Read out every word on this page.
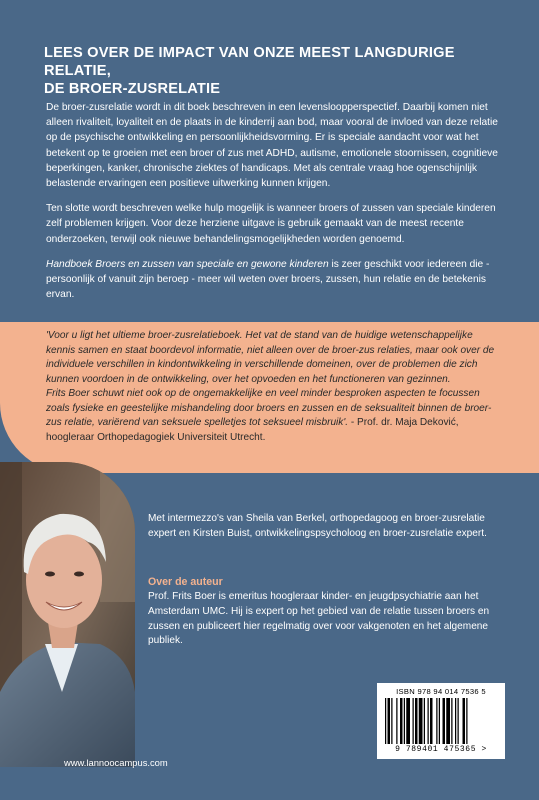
LEES OVER DE IMPACT VAN ONZE MEEST LANGDURIGE RELATIE,
DE BROER-ZUSRELATIE

De broer-zusrelatie wordt in dit boek beschreven in een levensloopperspectief. Daarbij komen niet alleen rivaliteit, loyaliteit en de plaats in de kinderrij aan bod, maar vooral de invloed van deze relatie op de psychische ontwikkeling en persoonlijkheidsvorming. Er is speciale aandacht voor wat het betekent op te groeien met een broer of zus met ADHD, autisme, emotionele stoornissen, cognitieve beperkingen, kanker, chronische ziektes of handicaps. Met als centrale vraag hoe ogenschijnlijk belastende ervaringen een positieve uitwerking kunnen krijgen.

Ten slotte wordt beschreven welke hulp mogelijk is wanneer broers of zussen van speciale kinderen zelf problemen krijgen. Voor deze herziene uitgave is gebruik gemaakt van de meest recente onderzoeken, terwijl ook nieuwe behandelingsmogelijkheden worden genoemd.

Handboek Broers en zussen van speciale en gewone kinderen is zeer geschikt voor iedereen die - persoonlijk of vanuit zijn beroep - meer wil weten over broers, zussen, hun relatie en de betekenis ervan.

'Voor u ligt het ultieme broer-zusrelatieboek. Het vat de stand van de huidige wetenschappelijke kennis samen en staat boordevol informatie, niet alleen over de broer-zus relaties, maar ook over de individuele verschillen in kindontwikkeling in verschillende domeinen, over de problemen die zich kunnen voordoen in de ontwikkeling, over het opvoeden en het functioneren van gezinnen.

Frits Boer schuwt niet ook op de ongemakkelijke en veel minder besproken aspecten te focussen zoals fysieke en geestelijke mishandeling door broers en zussen en de seksualiteit binnen de broer-zus relatie, variërend van seksuele spelletjes tot seksueel misbruik'. - Prof. dr. Maja Deković, hoogleraar Orthopedagogiek Universiteit Utrecht.

Met intermezzo's van Sheila van Berkel, orthopedagoog en broer-zusrelatie expert en Kirsten Buist, ontwikkelingspsycholoog en broer-zusrelatie expert.

Over de auteur

Prof. Frits Boer is emeritus hoogleraar kinder- en jeugdpsychiatrie aan het Amsterdam UMC. Hij is expert op het gebied van de relatie tussen broers en zussen en publiceert hier regelmatig over voor vakgenoten en het algemene publiek.

ISBN 978 94 014 7536 5
9 789401 475365 >
www.lannoocampus.com
